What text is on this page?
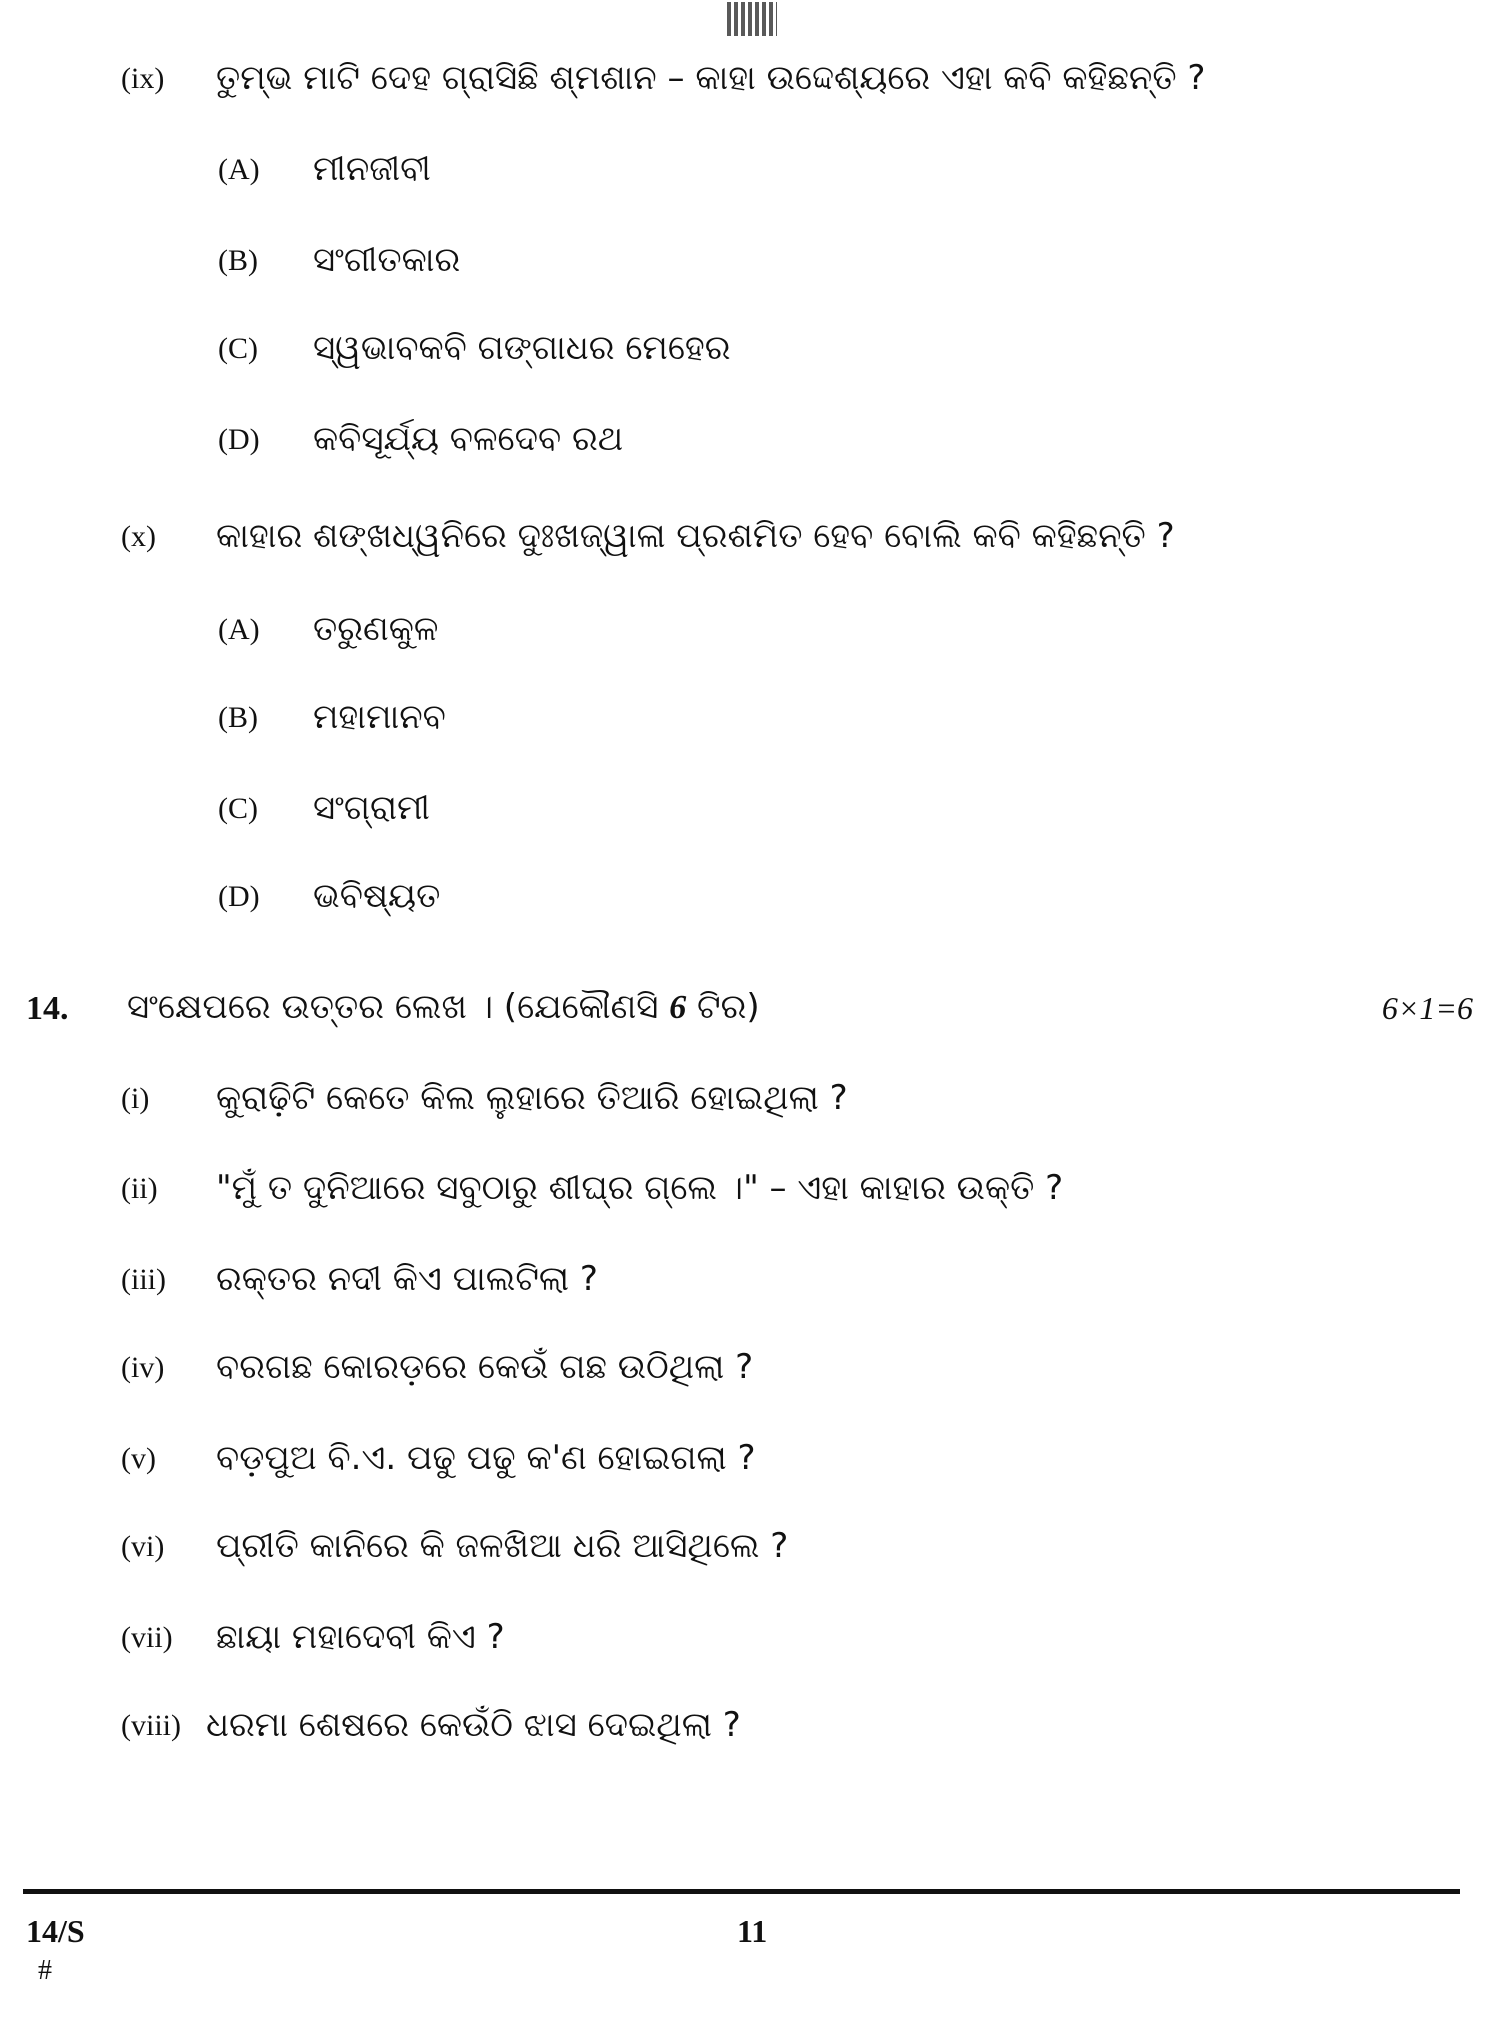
(ix) ତୁମ୍ଭ ମାଟି ଦେହ ଗ୍ରାସିଛି ଶ୍ମଶାନ – କାହା ଉଦ୍ଦେଶ୍ୟରେ ଏହା କବି କହିଛନ୍ତି ?
(A) ମୀନଜୀବୀ
(B) ସଂଗୀତକାର
(C) ସ୍ୱଭାବକବି ଗଙ୍ଗାଧର ମେହେର
(D) କବିସୂର୍ଯ୍ୟ ବଳଦେବ ରଥ
(x) କାହାର ଶଙ୍ଖଧ୍ୱନିରେ ଦୁଃଖଜ୍ୱାଳା ପ୍ରଶମିତ ହେବ ବୋଲି କବି କହିଛନ୍ତି ?
(A) ତରୁଣକୁଳ
(B) ମହାମାନବ
(C) ସଂଗ୍ରାମୀ
(D) ଭବିଷ୍ୟତ
14. ସଂକ୍ଷେପରେ ଉତ୍ତର ଲେଖ । (ଯେକୌଣସି 6 ଟିର)	6×1=6
(i) କୁରାଢ଼ିଟି କେତେ କିଲ ଲୁହାରେ ତିଆରି ହୋଇଥିଲା ?
(ii) "ମୁଁ ତ ଦୁନିଆରେ ସବୁଠାରୁ ଶୀଘ୍ର ଗ୍ଲେ ।" – ଏହା କାହାର ଉକ୍ତି ?
(iii) ରକ୍ତର ନଦୀ କିଏ ପାଲଟିଲା ?
(iv) ବରଗଛ କୋରଡ଼ରେ କେଉଁ ଗଛ ଉଠିଥିଲା ?
(v) ବଡ଼ପୁଅ ବି.ଏ. ପଢୁ ପଢୁ କ'ଣ ହୋଇଗଲା ?
(vi) ପ୍ରୀତି କାନିରେ କି ଜଳଖିଆ ଧରି ଆସିଥିଲେ ?
(vii) ଛାୟା ମହାଦେବୀ କିଏ ?
(viii) ଧରମା ଶେଷରେ କେଉଁଠି ଝାସ ଦେଇଥିଲା ?
14/S	11
#
